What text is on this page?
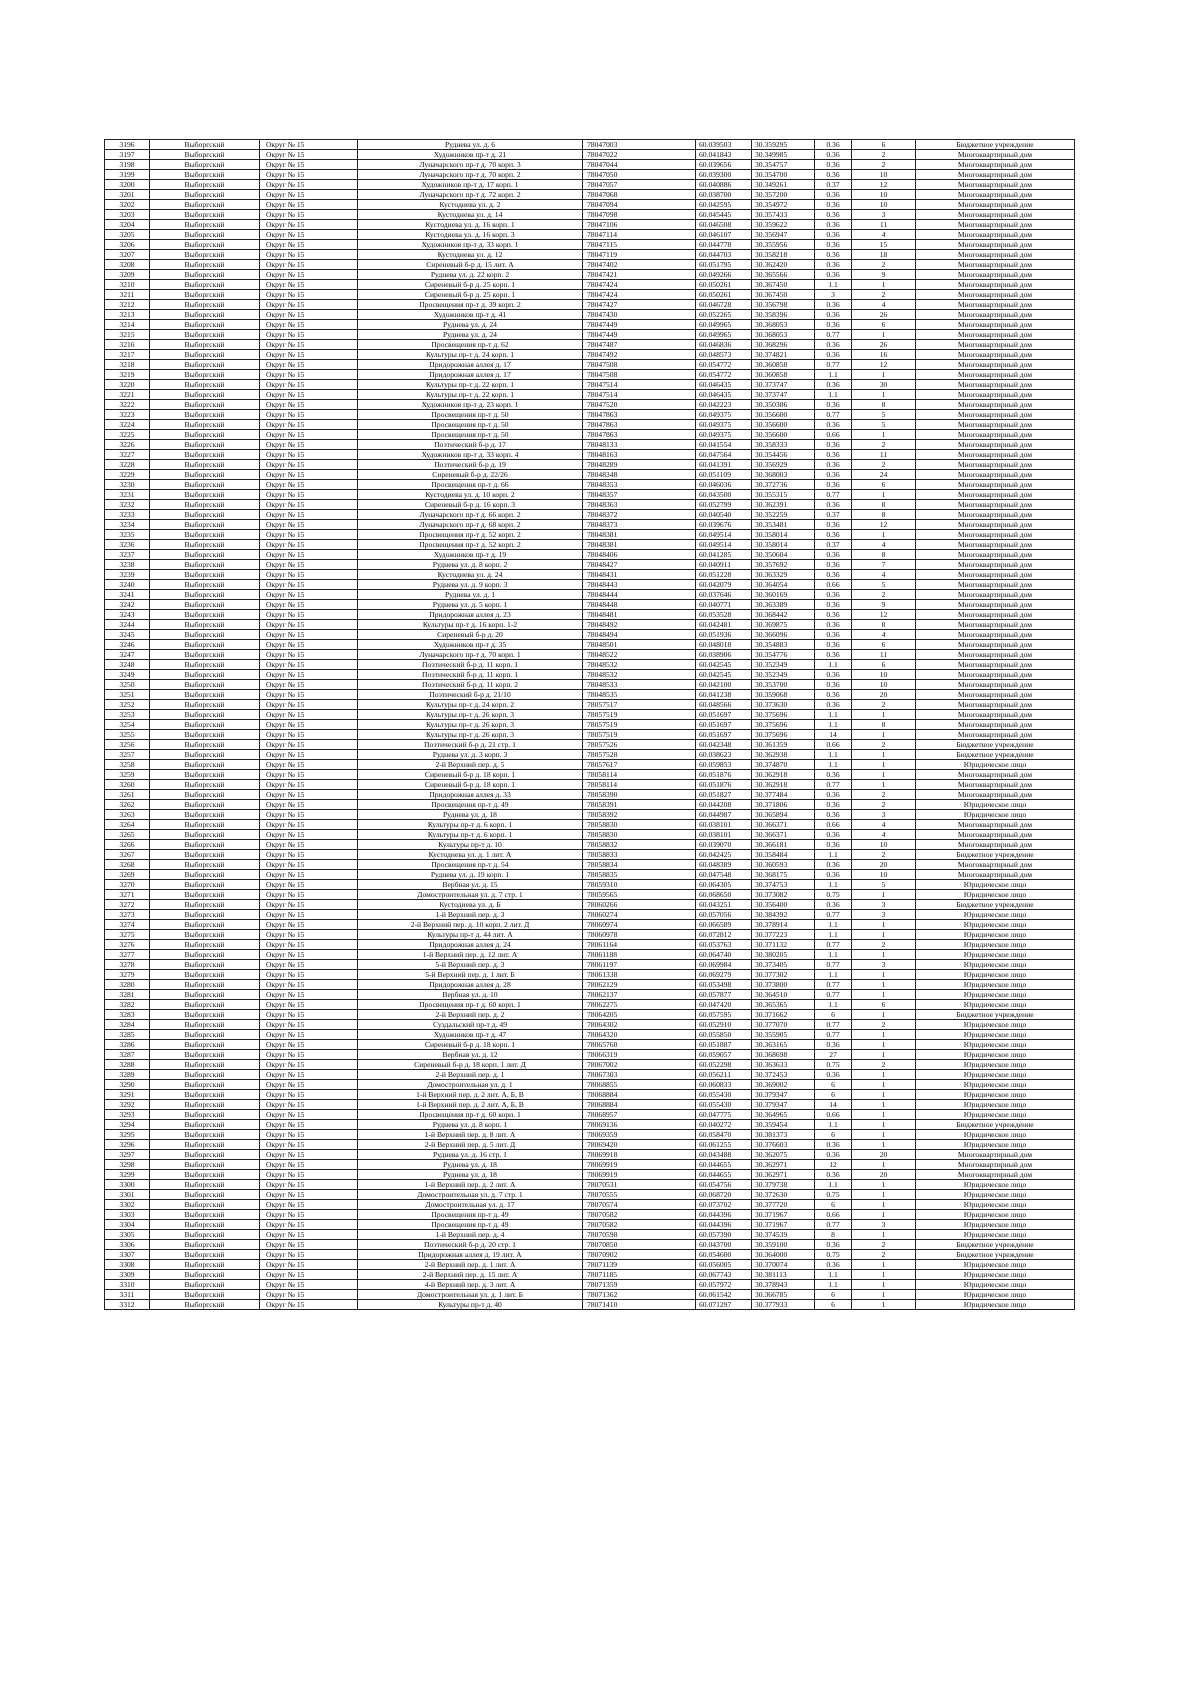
3196	Выборгский	Округ № 15	Руднева ул. д. 6	78047003	60.039503	30.359295	0.36	6	Бюджетное учреждение
3197	Выборгский	Округ № 15	Художников пр-т д. 21	78047022	60.041843	30.349985	0.36	2	Многоквартирный дом
3198	Выборгский	Округ № 15	Луначарского пр-т д. 70 корп. 3	78047044	60.039656	30.354757	0.36	2	Многоквартирный дом
3199	Выборгский	Округ № 15	Луначарского пр-т д. 70 корп. 2	78047050	60.039300	30.354700	0.36	10	Многоквартирный дом
3200	Выборгский	Округ № 15	Художников пр-т д. 17 корп. 1	78047057	60.040886	30.349261	0.37	12	Многоквартирный дом
3201	Выборгский	Округ № 15	Луначарского пр-т д. 72 корп. 2	78047068	60.038700	30.357200	0.36	10	Многоквартирный дом
3202	Выборгский	Округ № 15	Кустодиева ул. д. 2	78047094	60.042595	30.354972	0.36	10	Многоквартирный дом
3203	Выборгский	Округ № 15	Кустодиева ул. д. 14	78047098	60.045445	30.357433	0.36	3	Многоквартирный дом
3204	Выборгский	Округ № 15	Кустодиева ул. д. 16 корп. 1	78047106	60.046508	30.359622	0.36	11	Многоквартирный дом
3205	Выборгский	Округ № 15	Кустодиева ул. д. 16 корп. 3	78047114	60.046107	30.356947	0.36	4	Многоквартирный дом
3206	Выборгский	Округ № 15	Художников пр-т д. 33 корп. 1	78047115	60.044778	30.355956	0.36	15	Многоквартирный дом
3207	Выборгский	Округ № 15	Кустодиева ул. д. 12	78047119	60.044703	30.358218	0.36	18	Многоквартирный дом
3208	Выборгский	Округ № 15	Сиреневый б-р д. 15 лит. А	78047402	60.051795	30.362420	0.36	2	Многоквартирный дом
3209	Выборгский	Округ № 15	Руднева ул. д. 22 корп. 2	78047421	60.049266	30.365566	0.36	9	Многоквартирный дом
3210	Выборгский	Округ № 15	Сиреневый б-р д. 25 корп. 1	78047424	60.050261	30.367450	1.1	1	Многоквартирный дом
3211	Выборгский	Округ № 15	Сиреневый б-р д. 25 корп. 1	78047424	60.050261	30.367450	3	2	Многоквартирный дом
3212	Выборгский	Округ № 15	Просвещения пр-т д. 39 корп. 2	78047427	60.046728	30.356798	0.36	4	Многоквартирный дом
3213	Выборгский	Округ № 15	Художников пр-т д. 41	78047430	60.052265	30.358396	0.36	26	Многоквартирный дом
3214	Выборгский	Округ № 15	Руднева ул. д. 24	78047449	60.049965	30.368053	0.36	6	Многоквартирный дом
3215	Выборгский	Округ № 15	Руднева ул. д. 24	78047449	60.049965	30.368053	0.77	1	Многоквартирный дом
3216	Выборгский	Округ № 15	Просвещения пр-т д. 62	78047487	60.046836	30.368296	0.36	26	Многоквартирный дом
3217	Выборгский	Округ № 15	Культуры пр-т д. 24 корп. 1	78047492	60.048573	30.374821	0.36	16	Многоквартирный дом
3218	Выборгский	Округ № 15	Придорожная аллея д. 17	78047508	60.054772	30.360858	0.77	12	Многоквартирный дом
3219	Выборгский	Округ № 15	Придорожная аллея д. 17	78047508	60.054772	30.360858	1.1	1	Многоквартирный дом
3220	Выборгский	Округ № 15	Культуры пр-т д. 22 корп. 1	78047514	60.046435	30.373747	0.36	30	Многоквартирный дом
3221	Выборгский	Округ № 15	Культуры пр-т д. 22 корп. 1	78047514	60.046435	30.373747	1.1	1	Многоквартирный дом
3222	Выборгский	Округ № 15	Художников пр-т д. 23 корп. 1	78047520	60.042223	30.350386	0.36	8	Многоквартирный дом
3223	Выборгский	Округ № 15	Просвещения пр-т д. 50	78047863	60.049375	30.356600	0.77	5	Многоквартирный дом
3224	Выборгский	Округ № 15	Просвещения пр-т д. 50	78047863	60.049375	30.356600	0.36	5	Многоквартирный дом
3225	Выборгский	Округ № 15	Просвещения пр-т д. 50	78047863	60.049375	30.356600	0.66	1	Многоквартирный дом
3226	Выборгский	Округ № 15	Поэтический б-р д. 17	78048133	60.041554	30.358333	0.36	2	Многоквартирный дом
3227	Выборгский	Округ № 15	Художников пр-т д. 33 корп. 4	78048163	60.047564	30.354456	0.36	11	Многоквартирный дом
3228	Выборгский	Округ № 15	Поэтический б-р д. 19	78048289	60.041391	30.356929	0.36	2	Многоквартирный дом
3229	Выборгский	Округ № 15	Сиреневый б-р д. 22/26	78048348	60.051109	30.368003	0.36	24	Многоквартирный дом
3230	Выборгский	Округ № 15	Просвещения пр-т д. 66	78048353	60.046036	30.372736	0.36	6	Многоквартирный дом
3231	Выборгский	Округ № 15	Кустодиева ул. д. 10 корп. 2	78048357	60.043500	30.355315	0.77	1	Многоквартирный дом
3232	Выборгский	Округ № 15	Сиреневый б-р д. 16 корп. 3	78048363	60.052799	30.362391	0.36	8	Многоквартирный дом
3233	Выборгский	Округ № 15	Луначарского пр-т д. 66 корп. 2	78048372	60.040540	30.352259	0.37	8	Многоквартирный дом
3234	Выборгский	Округ № 15	Луначарского пр-т д. 68 корп. 2	78048373	60.039676	30.353481	0.36	12	Многоквартирный дом
3235	Выборгский	Округ № 15	Просвещения пр-т д. 52 корп. 2	78048381	60.049514	30.358014	0.36	1	Многоквартирный дом
3236	Выборгский	Округ № 15	Просвещения пр-т д. 52 корп. 2	78048381	60.049514	30.358014	0.37	4	Многоквартирный дом
3237	Выборгский	Округ № 15	Художников пр-т д. 19	78048406	60.041285	30.350604	0.36	8	Многоквартирный дом
3238	Выборгский	Округ № 15	Руднева ул. д. 8 корп. 2	78048427	60.040911	30.357692	0.36	7	Многоквартирный дом
3239	Выборгский	Округ № 15	Кустодиева ул. д. 24	78048431	60.051228	30.363329	0.36	4	Многоквартирный дом
3240	Выборгский	Округ № 15	Руднева ул. д. 9 корп. 3	78048443	60.042079	30.364054	0.66	5	Многоквартирный дом
3241	Выборгский	Округ № 15	Руднева ул. д. 1	78048444	60.037646	30.360169	0.36	2	Многоквартирный дом
3242	Выборгский	Округ № 15	Руднева ул. д. 5 корп. 1	78048448	60.040771	30.363389	0.36	9	Многоквартирный дом
3243	Выборгский	Округ № 15	Придорожная аллея д. 23	78048481	60.053528	30.368442	0.36	12	Многоквартирный дом
3244	Выборгский	Округ № 15	Культуры пр-т д. 16 корп. 1-2	78048492	60.042481	30.369875	0.36	8	Многоквартирный дом
3245	Выборгский	Округ № 15	Сиреневый б-р д. 20	78048494	60.051936	30.366096	0.36	4	Многоквартирный дом
3246	Выборгский	Округ № 15	Художников пр-т д. 35	78048501	60.048018	30.354883	0.36	6	Многоквартирный дом
3247	Выборгский	Округ № 15	Луначарского пр-т д. 70 корп. 1	78048522	60.038906	30.354776	0.36	11	Многоквартирный дом
3248	Выборгский	Округ № 15	Поэтический б-р д. 11 корп. 1	78048532	60.042545	30.352349	1.1	6	Многоквартирный дом
3249	Выборгский	Округ № 15	Поэтический б-р д. 11 корп. 1	78048532	60.042545	30.352349	0.36	10	Многоквартирный дом
3250	Выборгский	Округ № 15	Поэтический б-р д. 11 корп. 2	78048533	60.042100	30.353700	0.36	10	Многоквартирный дом
3251	Выборгский	Округ № 15	Поэтический б-р д. 21/10	78048535	60.041238	30.359068	0.36	20	Многоквартирный дом
3252	Выборгский	Округ № 15	Культуры пр-т д. 24 корп. 2	78057517	60.048566	30.373630	0.36	2	Многоквартирный дом
3253	Выборгский	Округ № 15	Культуры пр-т д. 26 корп. 3	78057519	60.051697	30.375696	1.1	1	Многоквартирный дом
3254	Выборгский	Округ № 15	Культуры пр-т д. 26 корп. 3	78057519	60.051697	30.375696	1.1	8	Многоквартирный дом
3255	Выборгский	Округ № 15	Культуры пр-т д. 26 корп. 3	78057519	60.051697	30.375696	14	1	Многоквартирный дом
3256	Выборгский	Округ № 15	Поэтический б-р д. 21 стр. 1	78057526	60.042348	30.361359	0.66	2	Бюджетное учреждение
3257	Выборгский	Округ № 15	Руднева ул. д. 3 корп. 3	78057528	60.038623	30.362938	1.1	1	Бюджетное учреждение
3258	Выборгский	Округ № 15	2-й Верхний пер. д. 5	78057617	60.059853	30.374870	1.1	1	Юридическое лицо
3259	Выборгский	Округ № 15	Сиреневый б-р д. 18 корп. 1	78058114	60.051876	30.362918	0.36	1	Многоквартирный дом
3260	Выборгский	Округ № 15	Сиреневый б-р д. 18 корп. 1	78058114	60.051876	30.362918	0.77	1	Многоквартирный дом
3261	Выборгский	Округ № 15	Придорожная аллея д. 33	78058390	60.051827	30.377484	0.36	2	Многоквартирный дом
3262	Выборгский	Округ № 15	Просвещения пр-т д. 49	78058391	60.044208	30.371806	0.36	2	Юридическое лицо
3263	Выборгский	Округ № 15	Руднева ул. д. 18	78058392	60.044987	30.365894	0.36	3	Юридическое лицо
3264	Выборгский	Округ № 15	Культуры пр-т д. 6 корп. 1	78058830	60.038101	30.366371	0.66	4	Многоквартирный дом
3265	Выборгский	Округ № 15	Культуры пр-т д. 6 корп. 1	78058830	60.038101	30.366371	0.36	4	Многоквартирный дом
3266	Выборгский	Округ № 15	Культуры пр-т д. 10	78058832	60.039070	30.366181	0.36	10	Многоквартирный дом
3267	Выборгский	Округ № 15	Кустодиева ул. д. 1 лит. А	78058833	60.042425	30.358484	1.1	2	Бюджетное учреждение
3268	Выборгский	Округ № 15	Просвещения пр-т д. 54	78058834	60.048389	30.360593	0.36	20	Многоквартирный дом
3269	Выборгский	Округ № 15	Руднева ул. д. 19 корп. 1	78058835	60.047548	30.368175	0.36	10	Многоквартирный дом
3270	Выборгский	Округ № 15	Вербная ул. д. 15	78059310	60.064305	30.374753	1.1	5	Юридическое лицо
3271	Выборгский	Округ № 15	Домостроительная ул. д. 7 стр. 1	78059565	60.068650	30.373082	0.75	1	Юридическое лицо
3272	Выборгский	Округ № 15	Кустодиева ул. д. Б	78060266	60.043251	30.356400	0.36	3	Бюджетное учреждение
3273	Выборгский	Округ № 15	1-й Верхний пер. д. 3	78060274	60.057056	30.384392	0.77	3	Юридическое лицо
3274	Выборгский	Округ № 15	2-й Верхний пер. д. 10 корп. 2 лит. Д	78060974	60.066589	30.378914	1.1	1	Юридическое лицо
3275	Выборгский	Округ № 15	Культуры пр-т д. 44 лит. А	78060978	60.072812	30.377223	1.1	1	Юридическое лицо
3276	Выборгский	Округ № 15	Придорожная аллея д. 24	78061164	60.053763	30.371132	0.77	2	Юридическое лицо
3277	Выборгский	Округ № 15	1-й Верхний пер. д. 12 лит. А	78061188	60.064740	30.380205	1.1	1	Юридическое лицо
3278	Выборгский	Округ № 15	5-й Верхний пер. д. 3	78061197	60.069984	30.373405	0.77	3	Юридическое лицо
3279	Выборгский	Округ № 15	5-й Верхний пер. д. 1 лит. Б	78061338	60.069279	30.377302	1.1	1	Юридическое лицо
3280	Выборгский	Округ № 15	Придорожная аллея д. 28	78062129	60.053498	30.373800	0.77	1	Юридическое лицо
3281	Выборгский	Округ № 15	Вербная ул. д. 10	78062137	60.057877	30.364510	0.77	1	Юридическое лицо
3282	Выборгский	Округ № 15	Просвещения пр-т д. 60 корп. 1	78062275	60.047420	30.365365	1.1	6	Юридическое лицо
3283	Выборгский	Округ № 15	2-й Верхний пер. д. 2	78064205	60.057595	30.371662	6	1	Бюджетное учреждение
3284	Выборгский	Округ № 15	Суздальский пр-т д. 49	78064302	60.052910	30.377070	0.77	2	Юридическое лицо
3285	Выборгский	Округ № 15	Художников пр-т д. 47	78064320	60.055850	30.355905	0.77	1	Юридическое лицо
3286	Выборгский	Округ № 15	Сиреневый б-р д. 18 корп. 1	78065760	60.051887	30.363165	0.36	1	Юридическое лицо
3287	Выборгский	Округ № 15	Вербная ул. д. 12	78066319	60.059057	30.368698	27	1	Юридическое лицо
3288	Выборгский	Округ № 15	Сиреневый б-р д. 18 корп. 1 лит. Д	78067002	60.052298	30.363633	0.75	2	Юридическое лицо
3289	Выборгский	Округ № 15	2-й Верхний пер. д. 1	78067303	60.056211	30.372453	0.36	1	Юридическое лицо
3290	Выборгский	Округ № 15	Домостроительная ул. д. 1	78068855	60.060833	30.369002	6	1	Юридическое лицо
3291	Выборгский	Округ № 15	1-й Верхний пер. д. 2 лит. А, Б, В	78068884	60.055430	30.379347	6	1	Юридическое лицо
3292	Выборгский	Округ № 15	1-й Верхний пер. д. 2 лит. А, Б, В	78068884	60.055430	30.379347	14	1	Юридическое лицо
3293	Выборгский	Округ № 15	Просвещения пр-т д. 60 корп. 1	78068957	60.047775	30.364965	0.66	1	Юридическое лицо
3294	Выборгский	Округ № 15	Руднева ул. д. 8 корп. 1	78069136	60.040272	30.359454	1.1	1	Бюджетное учреждение
3295	Выборгский	Округ № 15	1-й Верхний пер. д. 8 лит. А	78069359	60.058470	30.381373	6	1	Юридическое лицо
3296	Выборгский	Округ № 15	2-й Верхний пер. д. 5 лит. Д	78069420	60.061255	30.376603	0.36	1	Юридическое лицо
3297	Выборгский	Округ № 15	Руднева ул. д. 16 стр. 1	78069918	60.043488	30.362075	0.36	20	Многоквартирный дом
3298	Выборгский	Округ № 15	Руднева ул. д. 18	78069919	60.044655	30.362971	12	1	Многоквартирный дом
3299	Выборгский	Округ № 15	Руднева ул. д. 18	78069919	60.044655	30.362971	0.36	20	Многоквартирный дом
3300	Выборгский	Округ № 15	1-й Верхний пер. д. 2 лит. А	78070531	60.054756	30.379738	1.1	1	Юридическое лицо
3301	Выборгский	Округ № 15	Домостроительная ул. д. 7 стр. 1	78070555	60.068720	30.372630	0.75	1	Юридическое лицо
3302	Выборгский	Округ № 15	Домостроительная ул. д. 17	78070574	60.073702	30.377720	6	1	Юридическое лицо
3303	Выборгский	Округ № 15	Просвещения пр-т д. 49	78070582	60.044396	30.371967	0.66	1	Юридическое лицо
3304	Выборгский	Округ № 15	Просвещения пр-т д. 49	78070582	60.044396	30.371967	0.77	3	Юридическое лицо
3305	Выборгский	Округ № 15	1-й Верхний пер. д. 4	78070598	60.057390	30.374539	8	1	Юридическое лицо
3306	Выборгский	Округ № 15	Поэтический б-р д. 20 стр. 1	78070850	60.043700	30.359100	0.36	2	Бюджетное учреждение
3307	Выборгский	Округ № 15	Придорожная аллея д. 19 лит. А	78070902	60.054600	30.364000	0.75	2	Бюджетное учреждение
3308	Выборгский	Округ № 15	2-й Верхний пер. д. 1 лит. А	78071139	60.056005	30.370074	0.36	1	Юридическое лицо
3309	Выборгский	Округ № 15	2-й Верхний пер. д. 15 лит. А	78071185	60.067743	30.381113	1.1	1	Юридическое лицо
3310	Выборгский	Округ № 15	4-й Верхний пер. д. 3 лит. А	78071359	60.057972	30.378943	1.1	1	Юридическое лицо
3311	Выборгский	Округ № 15	Домостроительная ул. д. 1 лит. Б	78071362	60.061542	30.366785	6	1	Юридическое лицо
3312	Выборгский	Округ № 15	Культуры пр-т д. 40	78071410	60.071297	30.377933	6	1	Юридическое лицо
